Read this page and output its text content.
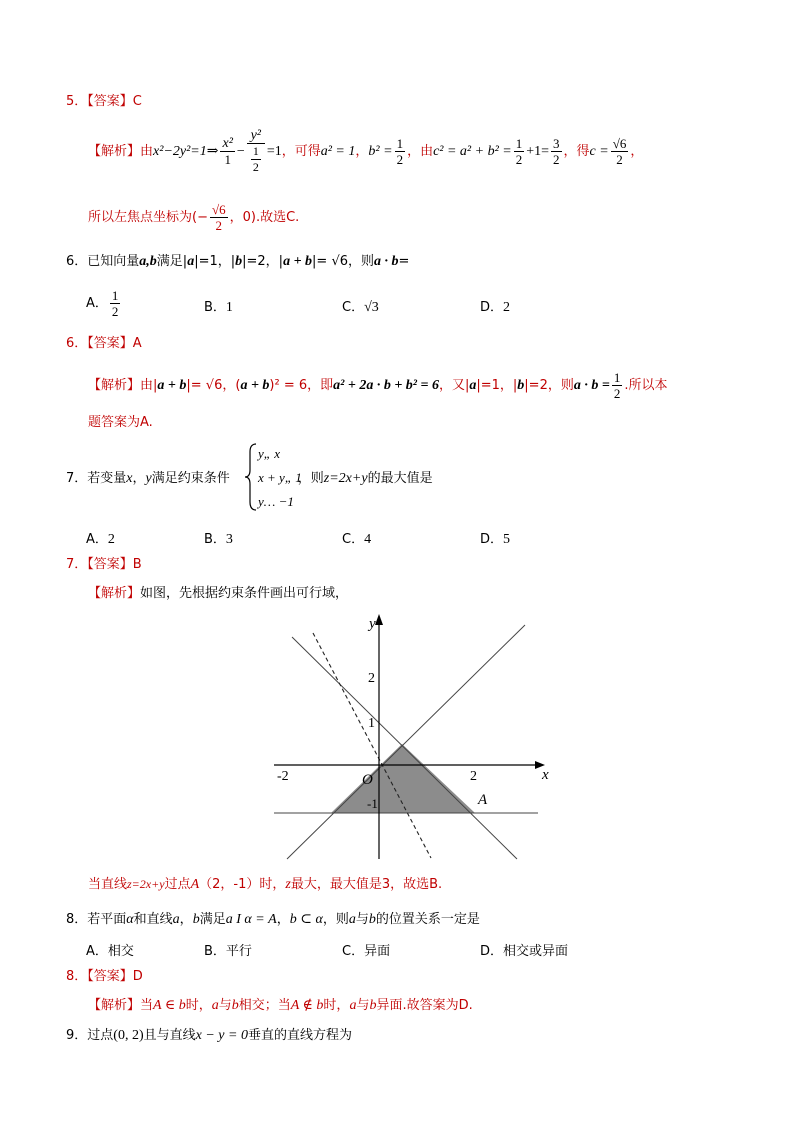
5．【答案】C
【解析】由x²−2y²=1⇒ $\frac{\text{x²}}{1} - \frac{\text{y²}}{\frac{1}{2}} =1$，可得a² = 1，$b^2 = \frac{1}{2}$ ，由$c^2 = a^2 + b^2 = \frac{1}{2} +1= \frac{3}{2}$ ，得$c = \frac{√6}{2}$ ，
所以左焦点坐标为(− $\frac{√6}{2}$ ，0).故选C.
6．已知向量a,b满足|a|=1，|b|=2，|a + b|= √6，则a · b=
A． $\frac{1}{2}$	B．1	C．√3	D．2
6．【答案】A
【解析】由|a + b|= √6，(a + b)² = 6，即a² + 2a · b + b² = 6，又|a|=1，|b|=2，则$a \cdot b = \frac{1}{2}$ .所以本
题答案为A.
7．若变量x，y满足约束条件	，则z=2x+y的最大值是
y„ x
x + y„ 1
y… −1
A．2	B．3	C．4	D．5
7．【答案】B
【解析】如图，先根据约束条件画出可行域，
y
x
O
-2
-1
1
2
2
A
当直线z=2x+y过点A（2，-1）时，z最大，最大值是3，故选B.
8．若平面α和直线a，b满足a I α = A，b ⊂ α，则a与b的位置关系一定是
A．相交	B．平行	C．异面	D．相交或异面
8．【答案】D
【解析】当A ∈ b时，a与b相交；当A ∉ b时，a与b异面.故答案为D.
9．过点(0, 2)且与直线x − y = 0垂直的直线方程为
